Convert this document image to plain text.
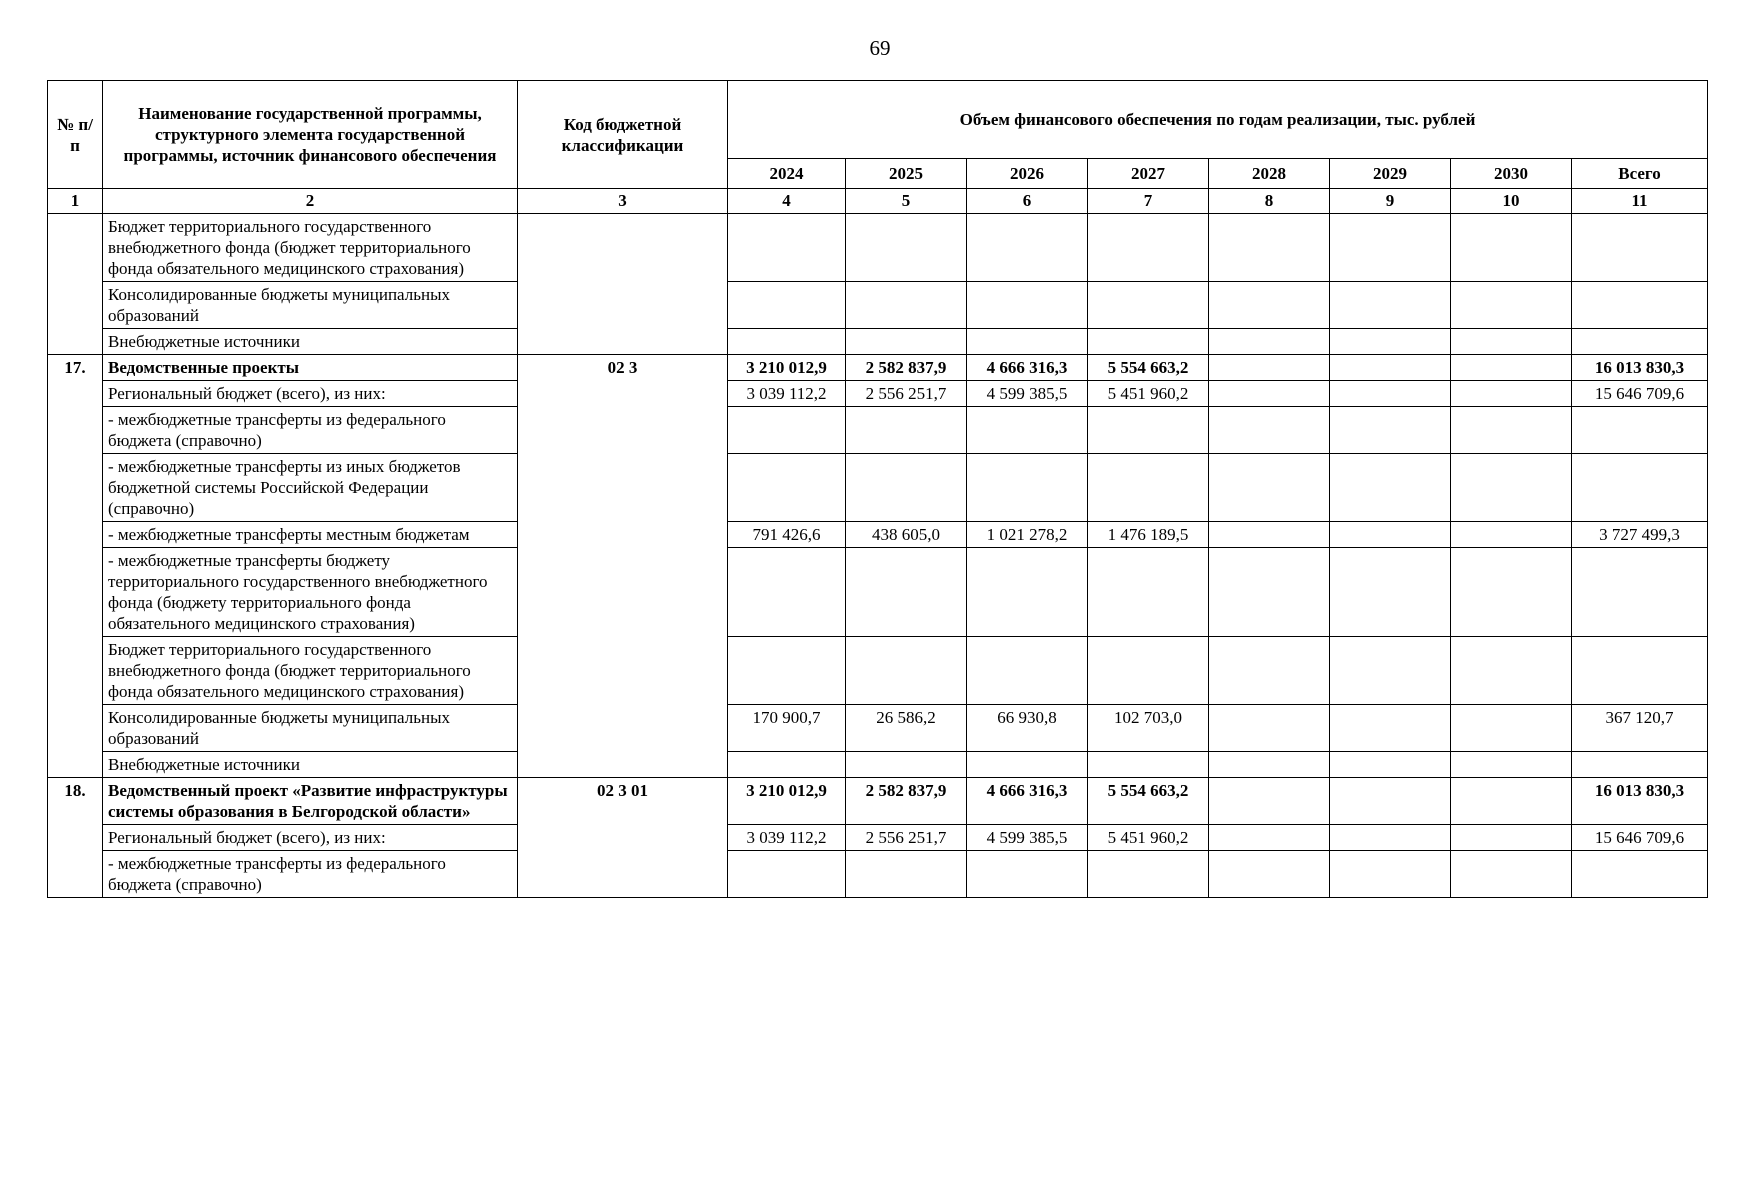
69
№ п/п	Наименование государственной программы, структурного элемента государственной программы, источник финансового обеспечения	Код бюджетной классификации	Объем финансового обеспечения по годам реализации, тыс. рублей							
			2024	2025	2026	2027	2028	2029	2030	Всего
1	2	3	4	5	6	7	8	9	10	11
	Бюджет территориального государственного внебюджетного фонда (бюджет территориального фонда обязательного медицинского страхования)									
	Консолидированные бюджеты муниципальных образований									
	Внебюджетные источники									
17.	Ведомственные проекты	02 3	3 210 012,9	2 582 837,9	4 666 316,3	5 554 663,2				16 013 830,3
	Региональный бюджет (всего), из них:		3 039 112,2	2 556 251,7	4 599 385,5	5 451 960,2				15 646 709,6
	- межбюджетные трансферты из федерального бюджета (справочно)									
	- межбюджетные трансферты из иных бюджетов бюджетной системы Российской Федерации (справочно)									
	- межбюджетные трансферты местным бюджетам		791 426,6	438 605,0	1 021 278,2	1 476 189,5				3 727 499,3
	- межбюджетные трансферты бюджету территориального государственного внебюджетного фонда (бюджету территориального фонда обязательного медицинского страхования)									
	Бюджет территориального государственного внебюджетного фонда (бюджет территориального фонда обязательного медицинского страхования)									
	Консолидированные бюджеты муниципальных образований		170 900,7	26 586,2	66 930,8	102 703,0				367 120,7
	Внебюджетные источники									
18.	Ведомственный проект «Развитие инфраструктуры системы образования в Белгородской области»	02 3 01	3 210 012,9	2 582 837,9	4 666 316,3	5 554 663,2				16 013 830,3
	Региональный бюджет (всего), из них:		3 039 112,2	2 556 251,7	4 599 385,5	5 451 960,2				15 646 709,6
	- межбюджетные трансферты из федерального бюджета (справочно)									
